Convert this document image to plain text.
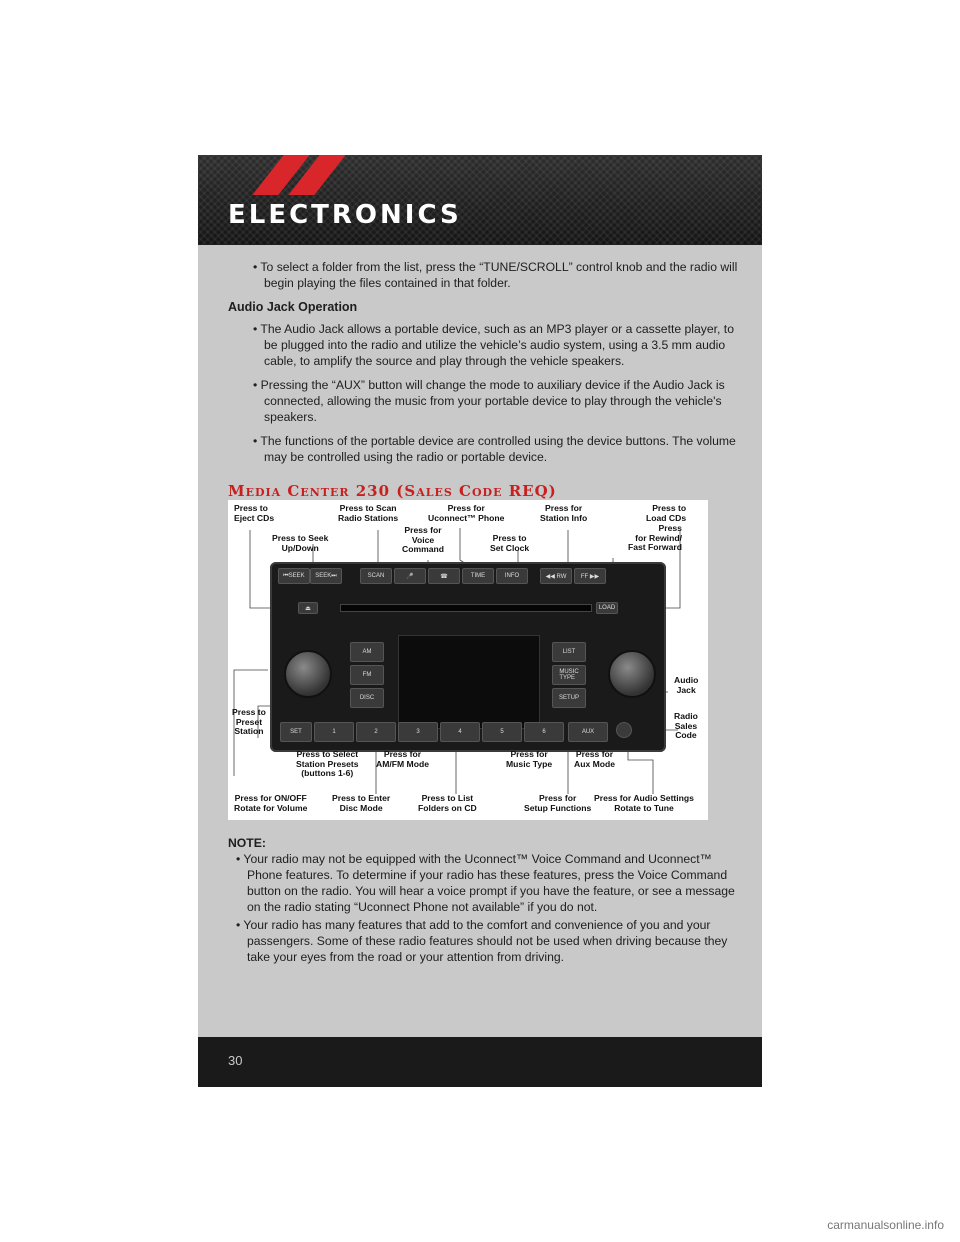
ELECTRONICS

• To select a folder from the list, press the “TUNE/SCROLL” control knob and the radio will begin playing the files contained in that folder.

Audio Jack Operation

• The Audio Jack allows a portable device, such as an MP3 player or a cassette player, to be plugged into the radio and utilize the vehicle’s audio system, using a 3.5 mm audio cable, to amplify the source and play through the vehicle speakers.

• Pressing the “AUX” button will change the mode to auxiliary device if the Audio Jack is connected, allowing the music from your portable device to play through the vehicle's speakers.

• The functions of the portable device are controlled using the device buttons. The volume may be controlled using the radio or portable device.

Media Center 230 (Sales Code REQ)

⏮SEEK	SEEK⏭	SCAN	🎤	☎	TIME	INFO	◀◀ RW	FF ▶▶
⏏	LOAD
AM
FM
DISC
LIST
MUSIC
TYPE
SETUP
SET	1	2	3	4	5	6	AUX
Press to
Eject CDs
Press to Scan
Radio Stations
Press for
Uconnect™ Phone
Press for
Station Info
Press to
Load CDs
Press to Seek
Up/Down
Press for
Voice
Command
Press to
Set Clock
Press
for Rewind/
Fast Forward
Audio
Jack
Radio
Sales
Code
Press to
Preset
Station
Press to Select
Station Presets
(buttons 1-6)
Press for
AM/FM Mode
Press for
Music Type
Press for
Aux Mode
Press for ON/OFF
Rotate for Volume
Press to Enter
Disc Mode
Press to List
Folders on CD
Press for
Setup Functions
Press for Audio Settings
Rotate to Tune

NOTE:

• Your radio may not be equipped with the Uconnect™ Voice Command and Uconnect™ Phone features. To determine if your radio has these features, press the Voice Command button on the radio. You will hear a voice prompt if you have the feature, or see a message on the radio stating “Uconnect Phone not available” if you do not.

• Your radio has many features that add to the comfort and convenience of you and your passengers. Some of these radio features should not be used when driving because they take your eyes from the road or your attention from driving.

30
carmanualsonline.info
